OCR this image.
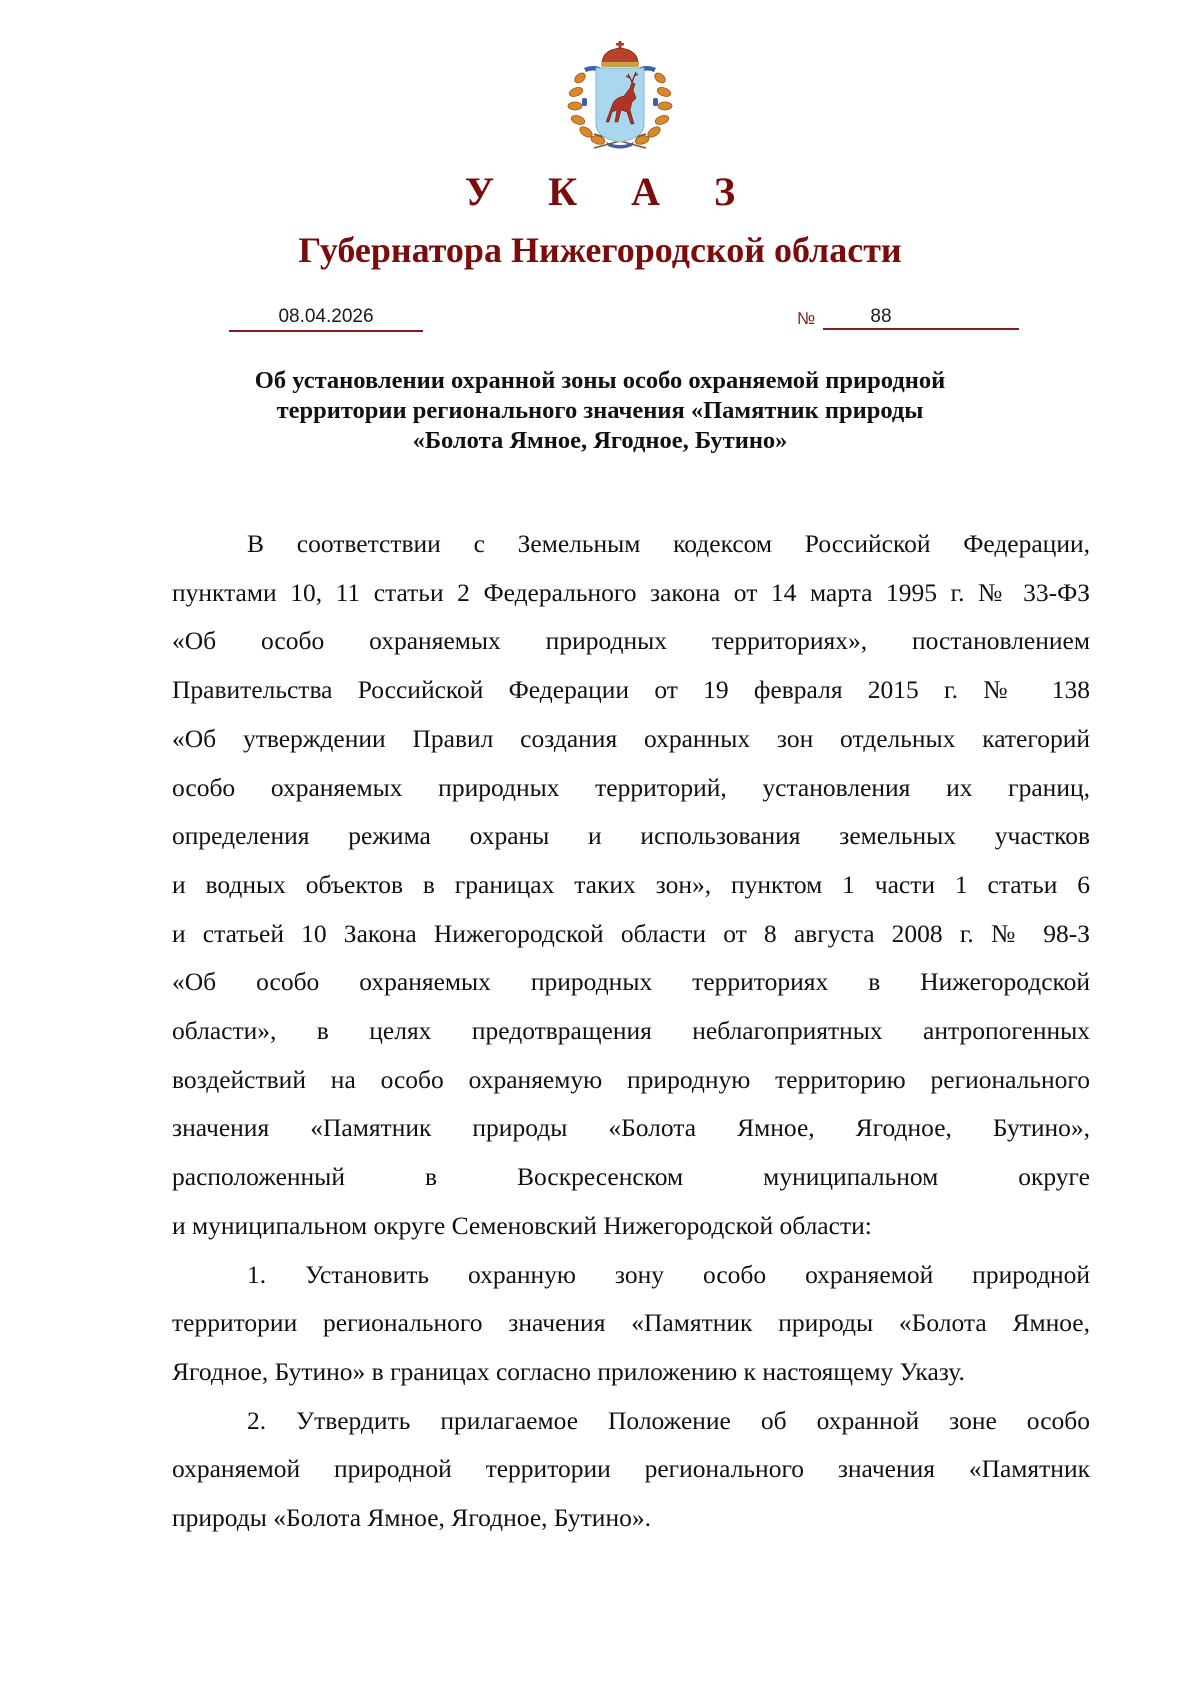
У К А З
Губернатора Нижегородской области
08.04.2026	№	88
Об установлении охранной зоны особо охраняемой природной
территории регионального значения «Памятник природы
«Болота Ямное, Ягодное, Бутино»
В соответствии с Земельным кодексом Российской Федерации,
пунктами 10, 11 статьи 2 Федерального закона от 14 марта 1995 г. № 33-ФЗ
«Об особо охраняемых природных территориях», постановлением
Правительства Российской Федерации от 19 февраля 2015 г. № 138
«Об утверждении Правил создания охранных зон отдельных категорий
особо охраняемых природных территорий, установления их границ,
определения режима охраны и использования земельных участков
и водных объектов в границах таких зон», пунктом 1 части 1 статьи 6
и статьей 10 Закона Нижегородской области от 8 августа 2008 г. № 98-З
«Об особо охраняемых природных территориях в Нижегородской
области», в целях предотвращения неблагоприятных антропогенных
воздействий на особо охраняемую природную территорию регионального
значения «Памятник природы «Болота Ямное, Ягодное, Бутино»,
расположенный в Воскресенском муниципальном округе
и муниципальном округе Семеновский Нижегородской области:
1. Установить охранную зону особо охраняемой природной
территории регионального значения «Памятник природы «Болота Ямное,
Ягодное, Бутино» в границах согласно приложению к настоящему Указу.
2. Утвердить прилагаемое Положение об охранной зоне особо
охраняемой природной территории регионального значения «Памятник
природы «Болота Ямное, Ягодное, Бутино».
